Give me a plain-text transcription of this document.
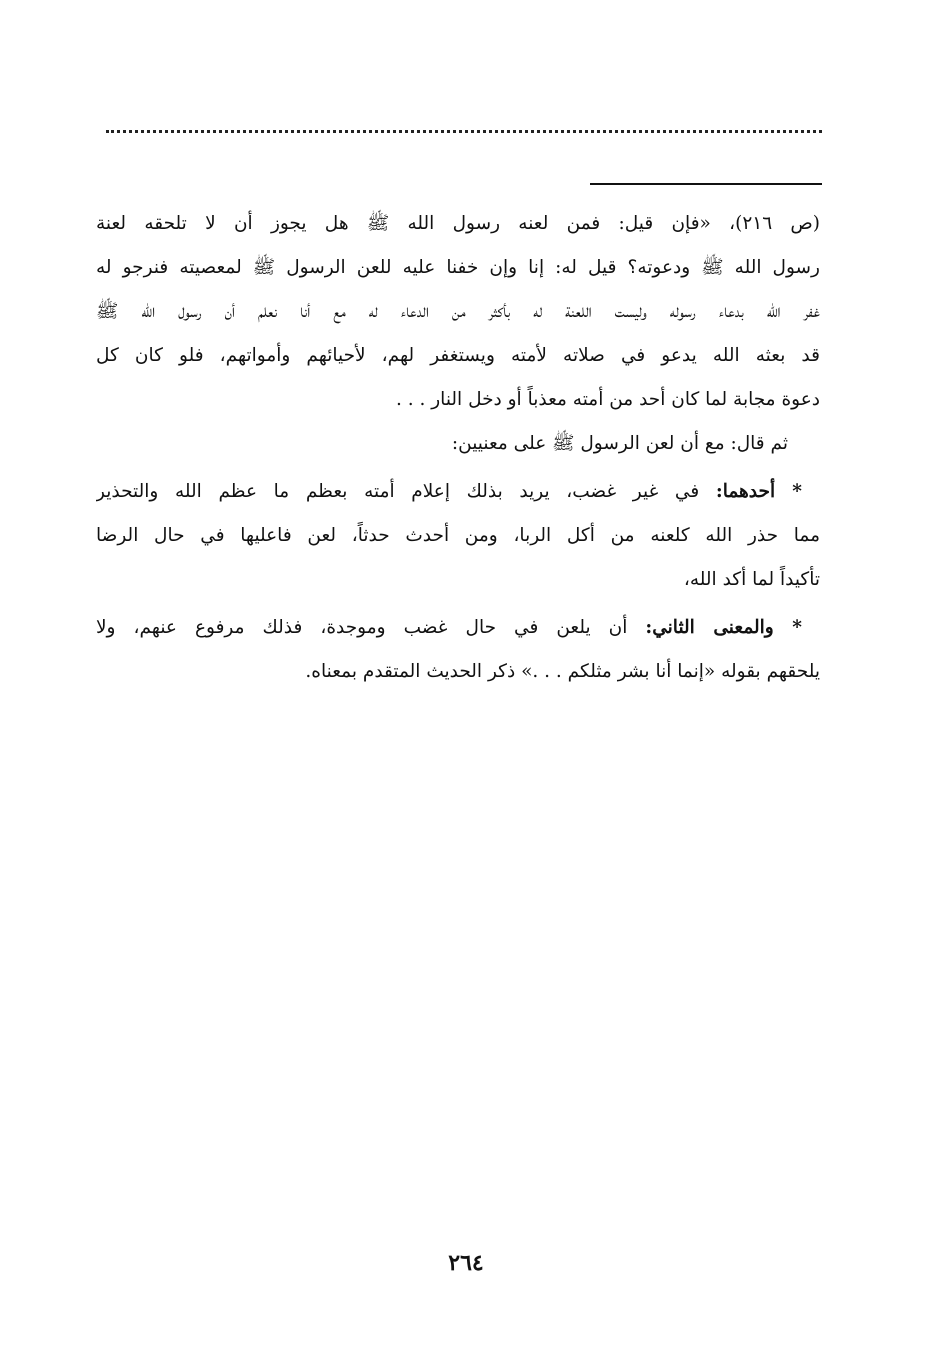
(ص ٢١٦)، «فإن قيل: فمن لعنه رسول الله ﷺ هل يجوز أن لا تلحقه لعنة
رسول الله ﷺ ودعوته؟ قيل له: إنا وإن خفنا عليه للعن الرسول ﷺ لمعصيته فنرجو له
غفر الله بدعاء رسوله وليست اللعنة له بأكثر من الدعاء له مع أنا نعلم أن رسول الله ﷺ
قد بعثه الله يدعو في صلاته لأمته ويستغفر لهم، لأحيائهم وأمواتهم، فلو كان كل
دعوة مجابة لما كان أحد من أمته معذباً أو دخل النار . . .
ثم قال: مع أن لعن الرسول ﷺ على معنيين:
* أحدهما: في غير غضب، يريد بذلك إعلام أمته بعظم ما عظم الله والتحذير
مما حذر الله كلعنه من أكل الربا، ومن أحدث حدثاً، لعن فاعليها في حال الرضا
تأكيداً لما أكد الله،
* والمعنى الثاني: أن يلعن في حال غضب وموجدة، فذلك مرفوع عنهم، ولا
يلحقهم بقوله «إنما أنا بشر مثلكم . . .» ذكر الحديث المتقدم بمعناه.
٢٦٤
